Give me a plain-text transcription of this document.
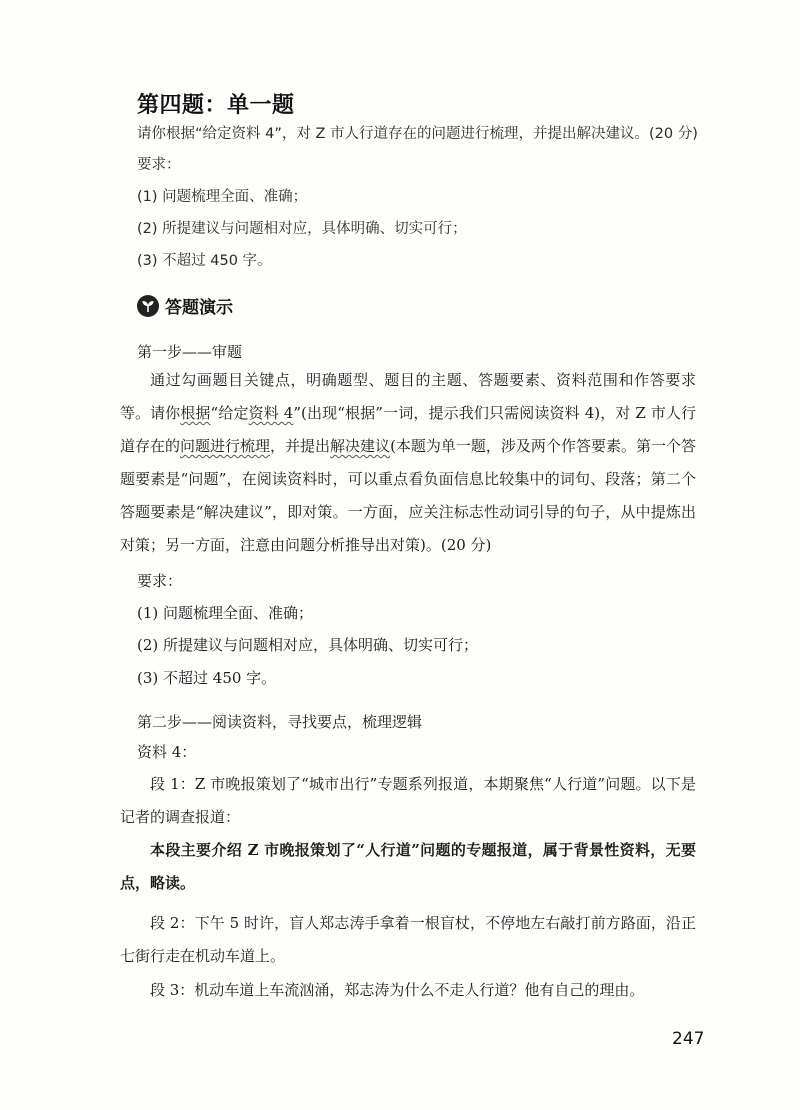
第四题：单一题
请你根据“给定资料 4”，对 Z 市人行道存在的问题进行梳理，并提出解决建议。(20 分)
要求：
(1) 问题梳理全面、准确；
(2) 所提建议与问题相对应，具体明确、切实可行；
(3) 不超过 450 字。
答题演示
第一步——审题

通过勾画题目关键点，明确题型、题目的主题、答题要素、资料范围和作答要求等。 请你根据“给定资料 4”(出现“根据”一词，提示我们只需阅读资料 4)，对 Z 市人行道存在的问题进行梳理，并提出解决建议(本题为单一题，涉及两个作答要素。第一个答题要素是“问题”，在阅读资料时，可以重点看负面信息比较集中的词句、段落；第二个答题要素是“解决建议”，即对策。一方面，应关注标志性动词引导的句子，从中提炼出对策；另一方面，注意由问题分析推导出对策)。(20 分)

要求：
(1) 问题梳理全面、准确；
(2) 所提建议与问题相对应，具体明确、切实可行；
(3) 不超过 450 字。
第二步——阅读资料，寻找要点，梳理逻辑
资料 4：

段 1：Z 市晚报策划了“城市出行”专题系列报道，本期聚焦“人行道”问题。以下是记者的调查报道：

本段主要介绍 Z 市晚报策划了“人行道”问题的专题报道，属于背景性资料，无要点，略读。

段 2：下午 5 时许，盲人郑志涛手拿着一根盲杖，不停地左右敲打前方路面，沿正七街行走在机动车道上。

段 3：机动车道上车流汹涌，郑志涛为什么不走人行道？他有自己的理由。

247
